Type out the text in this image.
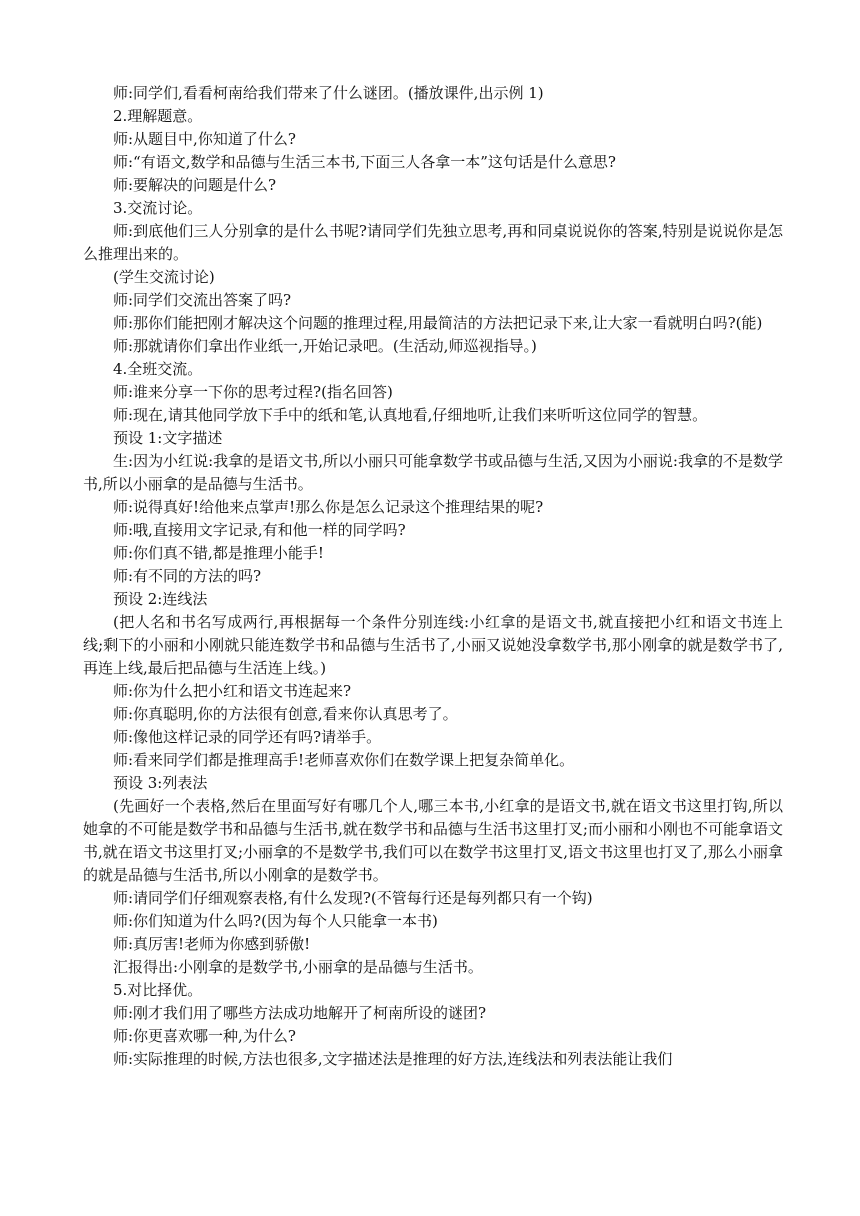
师:同学们,看看柯南给我们带来了什么谜团。(播放课件,出示例 1)

2.理解题意。

师:从题目中,你知道了什么?

师:“有语文,数学和品德与生活三本书,下面三人各拿一本”这句话是什么意思?

师:要解决的问题是什么?

3.交流讨论。

师:到底他们三人分别拿的是什么书呢?请同学们先独立思考,再和同桌说说你的答案,特别是说说你是怎么推理出来的。

(学生交流讨论)

师:同学们交流出答案了吗?

师:那你们能把刚才解决这个问题的推理过程,用最简洁的方法把记录下来,让大家一看就明白吗?(能)

师:那就请你们拿出作业纸一,开始记录吧。(生活动,师巡视指导。)

4.全班交流。

师:谁来分享一下你的思考过程?(指名回答)

师:现在,请其他同学放下手中的纸和笔,认真地看,仔细地听,让我们来听听这位同学的智慧。

预设 1:文字描述

生:因为小红说:我拿的是语文书,所以小丽只可能拿数学书或品德与生活,又因为小丽说:我拿的不是数学书,所以小丽拿的是品德与生活书。

师:说得真好!给他来点掌声!那么你是怎么记录这个推理结果的呢?

师:哦,直接用文字记录,有和他一样的同学吗?

师:你们真不错,都是推理小能手!

师:有不同的方法的吗?

预设 2:连线法

(把人名和书名写成两行,再根据每一个条件分别连线:小红拿的是语文书,就直接把小红和语文书连上线;剩下的小丽和小刚就只能连数学书和品德与生活书了,小丽又说她没拿数学书,那小刚拿的就是数学书了,再连上线,最后把品德与生活连上线。)

师:你为什么把小红和语文书连起来?

师:你真聪明,你的方法很有创意,看来你认真思考了。

师:像他这样记录的同学还有吗?请举手。

师:看来同学们都是推理高手!老师喜欢你们在数学课上把复杂简单化。

预设 3:列表法

(先画好一个表格,然后在里面写好有哪几个人,哪三本书,小红拿的是语文书,就在语文书这里打钩,所以她拿的不可能是数学书和品德与生活书,就在数学书和品德与生活书这里打叉;而小丽和小刚也不可能拿语文书,就在语文书这里打叉;小丽拿的不是数学书,我们可以在数学书这里打叉,语文书这里也打叉了,那么小丽拿的就是品德与生活书,所以小刚拿的是数学书。

师:请同学们仔细观察表格,有什么发现?(不管每行还是每列都只有一个钩)

师:你们知道为什么吗?(因为每个人只能拿一本书)

师:真厉害!老师为你感到骄傲!

汇报得出:小刚拿的是数学书,小丽拿的是品德与生活书。

5.对比择优。

师:刚才我们用了哪些方法成功地解开了柯南所设的谜团?

师:你更喜欢哪一种,为什么?

师:实际推理的时候,方法也很多,文字描述法是推理的好方法,连线法和列表法能让我们
